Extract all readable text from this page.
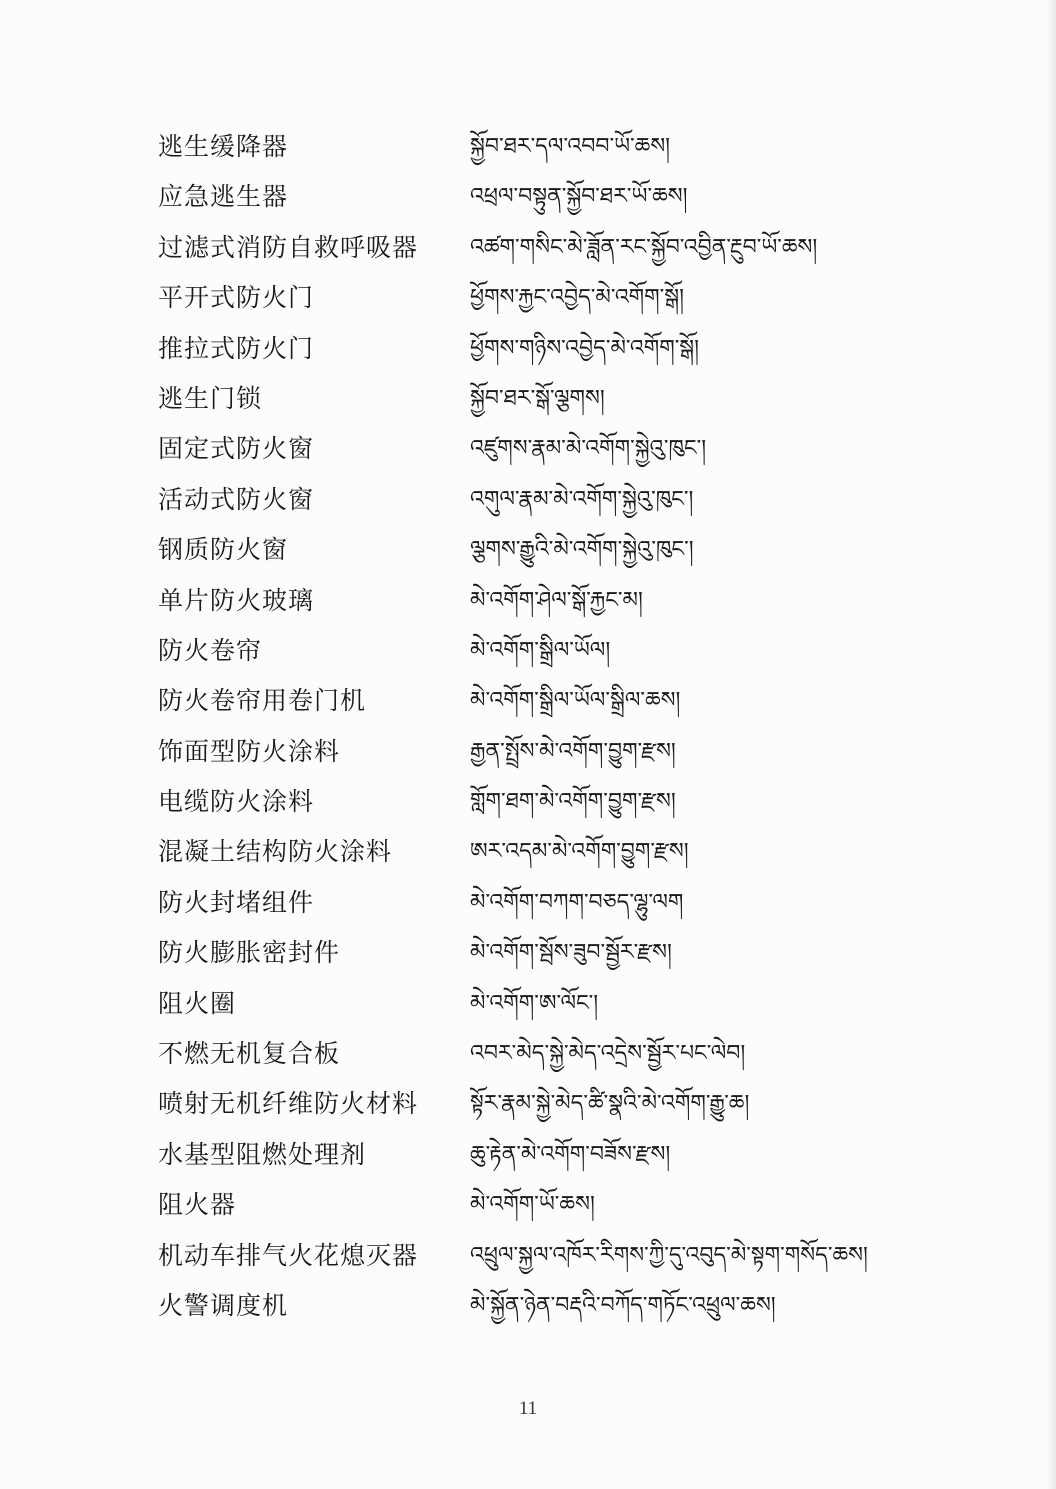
逃生缓降器	སྐྱོབ་ཐར་དལ་འབབ་ཡོ་ཆས།
应急逃生器	འཕྲལ་བསྟུན་སྐྱོབ་ཐར་ཡོ་ཆས།
过滤式消防自救呼吸器 འཚག་གསིང་མེ་ཟློན་རང་སྐྱོབ་འབྱིན་རྔུབ་ཡོ་ཆས།
平开式防火门	ཕྱོགས་རྐྱང་འབྱེད་མེ་འགོག་སྒོ།
推拉式防火门	ཕྱོགས་གཉིས་འབྱེད་མེ་འགོག་སྒོ།
逃生门锁	སྐྱོབ་ཐར་སྒོ་ལྕགས།
固定式防火窗	འཛུགས་རྣམ་མེ་འགོག་སྐྱེའུ་ཁུང་།
活动式防火窗	འགུལ་རྣམ་མེ་འགོག་སྐྱེའུ་ཁུང་།
钢质防火窗	ལྕགས་རྒྱུའི་མེ་འགོག་སྐྱེའུ་ཁུང་།
单片防火玻璃	མེ་འགོག་ཤེལ་སྒོ་རྐྱང་མ།
防火卷帘	མེ་འགོག་སྒྲིལ་ཡོལ།
防火卷帘用卷门机	མེ་འགོག་སྒྲིལ་ཡོལ་སྒྲིལ་ཆས།
饰面型防火涂料	རྒྱན་སྤྲོས་མེ་འགོག་བྱུག་རྫས།
电缆防火涂料	གློག་ཐག་མེ་འགོག་བྱུག་རྫས།
混凝土结构防火涂料	ཨར་འདམ་མེ་འགོག་བྱུག་རྫས།
防火封堵组件	མེ་འགོག་བཀག་བཅད་ལྷུ་ལག
防火膨胀密封件	མེ་འགོག་སྦོས་ཟུབ་སྦྱོར་རྫས།
阻火圈	མེ་འགོག་ཨ་ལོང་།
不燃无机复合板	འབར་མེད་སྐྱེ་མེད་འདྲེས་སྦྱོར་པང་ལེབ།
喷射无机纤维防火材料 སྟོར་རྣམ་སྐྱེ་མེད་ཚི་སྣའི་མེ་འགོག་རྒྱུ་ཆ།
水基型阻燃处理剂	ཆུ་རྟེན་མེ་འགོག་བཟོས་རྫས།
阻火器	མེ་འགོག་ཡོ་ཆས།
机动车排气火花熄灭器 འཕྲུལ་སྐྱལ་འཁོར་རིགས་ཀྱི་དུ་འབུད་མེ་སྟག་གསོད་ཆས།
火警调度机	མེ་སྐྱོན་ཉེན་བརྡའི་བཀོད་གཏོང་འཕྲུལ་ཆས།
11
